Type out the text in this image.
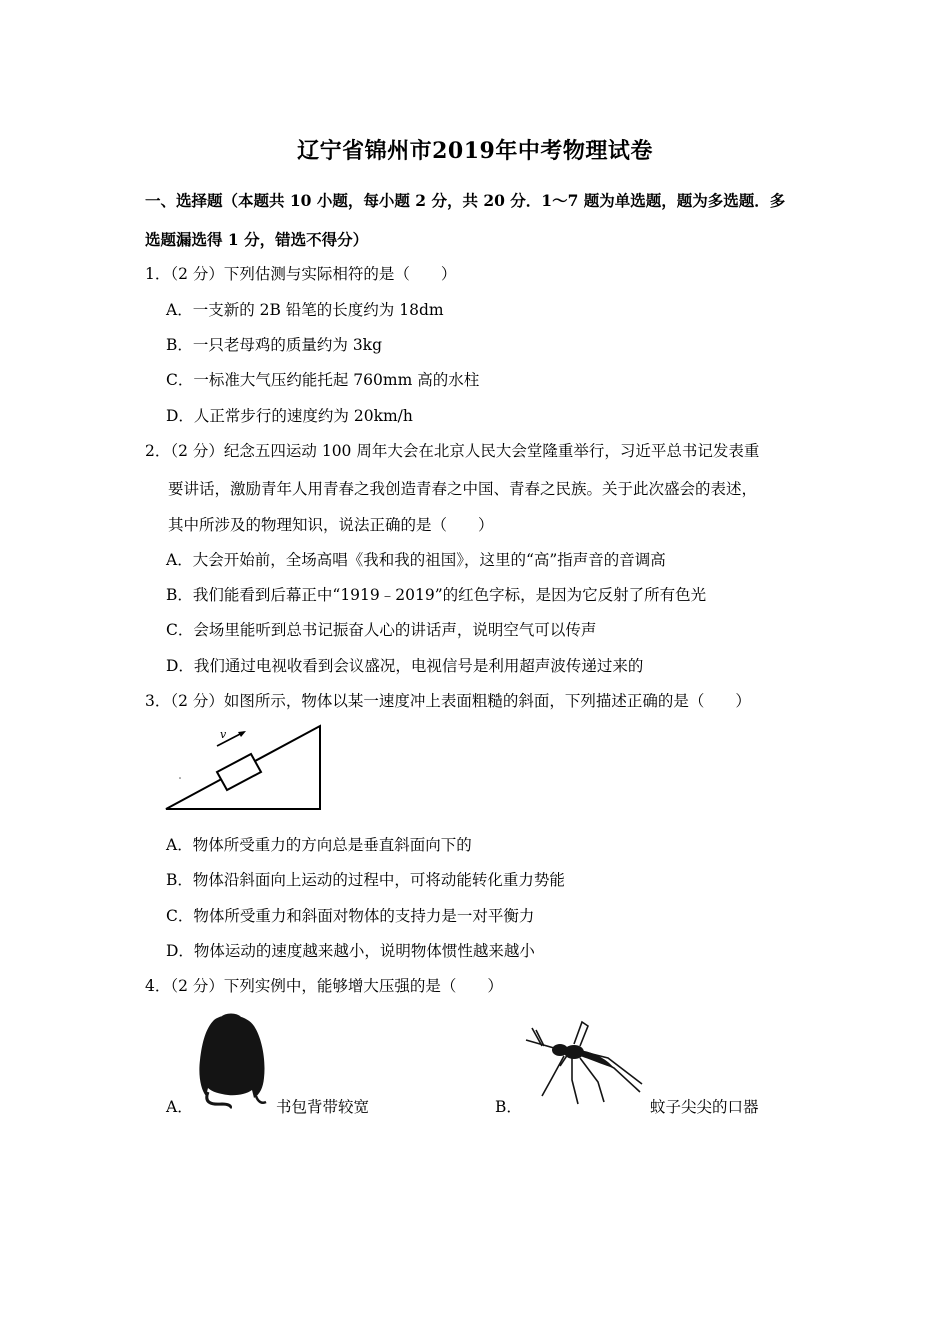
辽宁省锦州市2019年中考物理试卷
一、选择题（本题共 10 小题，每小题 2 分，共 20 分．1～7 题为单选题，题为多选题．多
选题漏选得 1 分，错选不得分）
1．（2 分）下列估测与实际相符的是（　　）
A．一支新的 2B 铅笔的长度约为 18dm
B．一只老母鸡的质量约为 3kg
C．一标准大气压约能托起 760mm 高的水柱
D．人正常步行的速度约为 20km/h
2．（2 分）纪念五四运动 100 周年大会在北京人民大会堂隆重举行，习近平总书记发表重
要讲话，激励青年人用青春之我创造青春之中国、青春之民族。关于此次盛会的表述，
其中所涉及的物理知识，说法正确的是（　　）
A．大会开始前，全场高唱《我和我的祖国》，这里的“高”指声音的音调高
B．我们能看到后幕正中“1919﹣2019”的红色字标，是因为它反射了所有色光
C．会场里能听到总书记振奋人心的讲话声，说明空气可以传声
D．我们通过电视收看到会议盛况，电视信号是利用超声波传递过来的
3．（2 分）如图所示，物体以某一速度冲上表面粗糙的斜面，下列描述正确的是（　　）
v
A．物体所受重力的方向总是垂直斜面向下的
B．物体沿斜面向上运动的过程中，可将动能转化重力势能
C．物体所受重力和斜面对物体的支持力是一对平衡力
D．物体运动的速度越来越小，说明物体惯性越来越小
4．（2 分）下列实例中，能够增大压强的是（　　）
A．	书包背带较宽	B．	蚊子尖尖的口器
